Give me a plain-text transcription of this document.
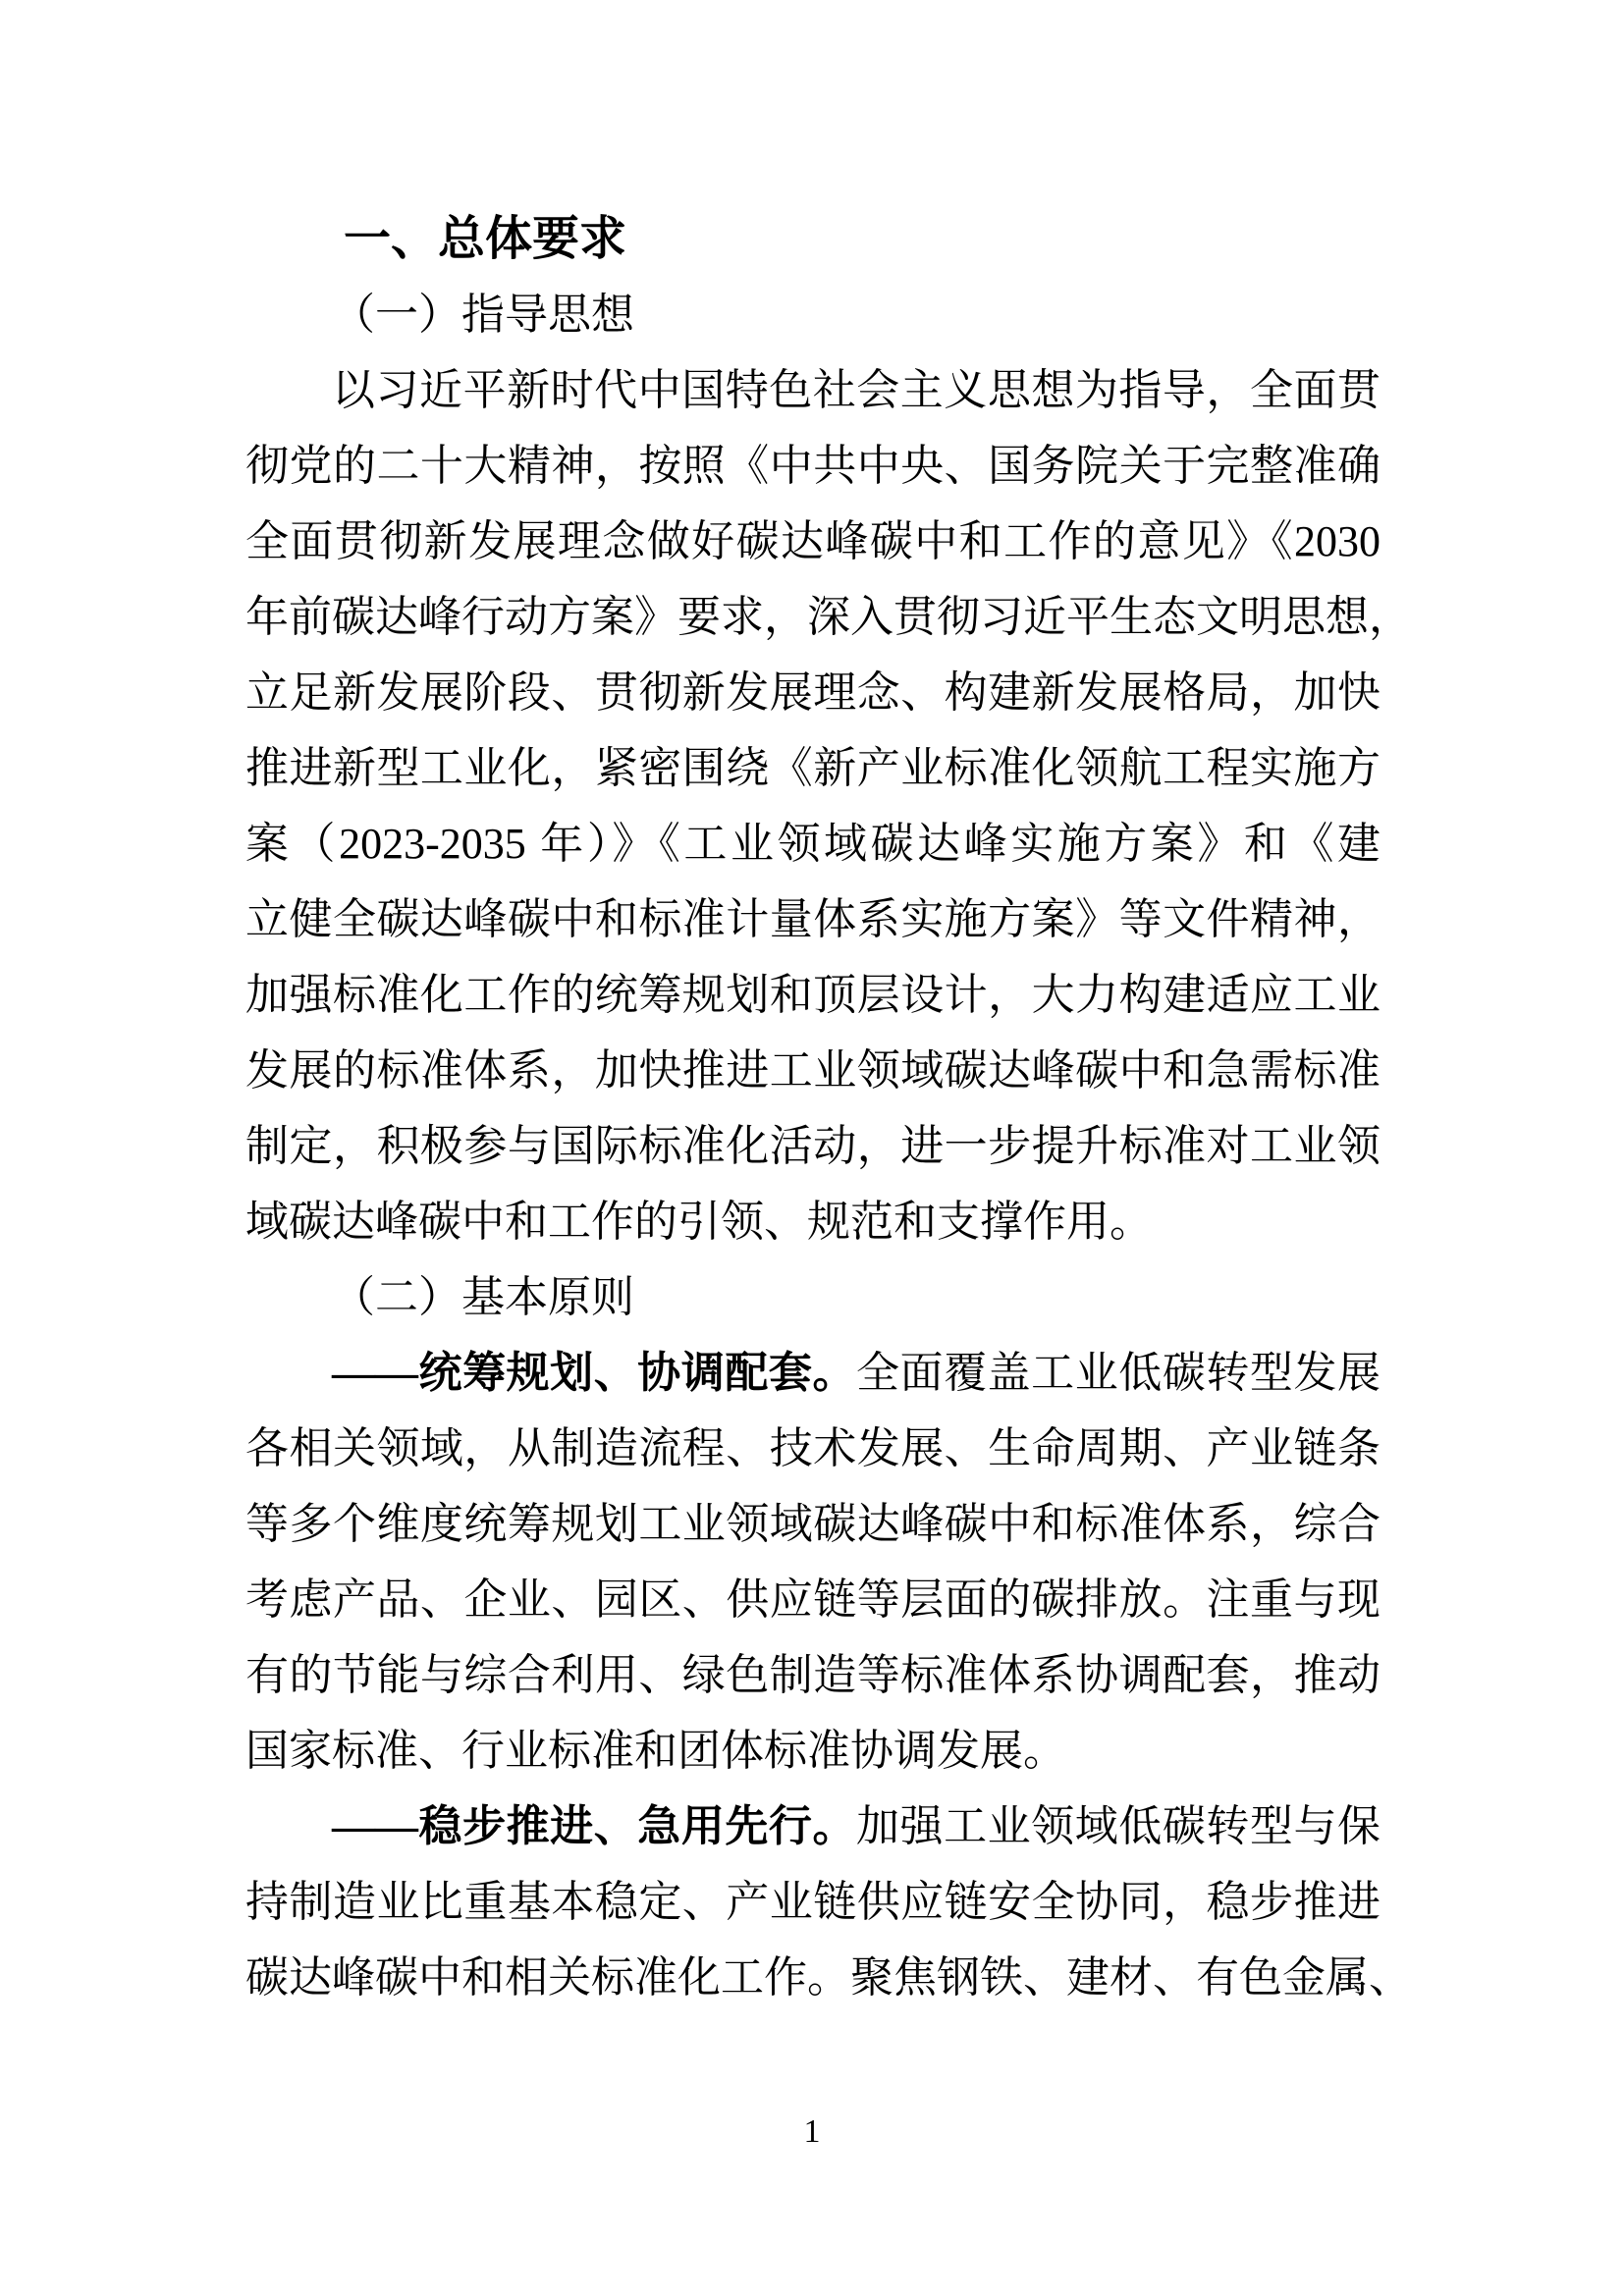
一、总体要求
（一）指导思想
以习近平新时代中国特色社会主义思想为指导，全面贯
彻党的二十大精神，按照《中共中央、国务院关于完整准确
全面贯彻新发展理念做好碳达峰碳中和工作的意见》《2030
年前碳达峰行动方案》要求，深入贯彻习近平生态文明思想，
立足新发展阶段、贯彻新发展理念、构建新发展格局，加快
推进新型工业化，紧密围绕《新产业标准化领航工程实施方
案（2023-2035 年）》《工业领域碳达峰实施方案》和《建
立健全碳达峰碳中和标准计量体系实施方案》等文件精神，
加强标准化工作的统筹规划和顶层设计，大力构建适应工业
发展的标准体系，加快推进工业领域碳达峰碳中和急需标准
制定，积极参与国际标准化活动，进一步提升标准对工业领
域碳达峰碳中和工作的引领、规范和支撑作用。
（二）基本原则
——统筹规划、协调配套。全面覆盖工业低碳转型发展
各相关领域，从制造流程、技术发展、生命周期、产业链条
等多个维度统筹规划工业领域碳达峰碳中和标准体系，综合
考虑产品、企业、园区、供应链等层面的碳排放。注重与现
有的节能与综合利用、绿色制造等标准体系协调配套，推动
国家标准、行业标准和团体标准协调发展。
——稳步推进、急用先行。加强工业领域低碳转型与保
持制造业比重基本稳定、产业链供应链安全协同，稳步推进
碳达峰碳中和相关标准化工作。聚焦钢铁、建材、有色金属、
1
